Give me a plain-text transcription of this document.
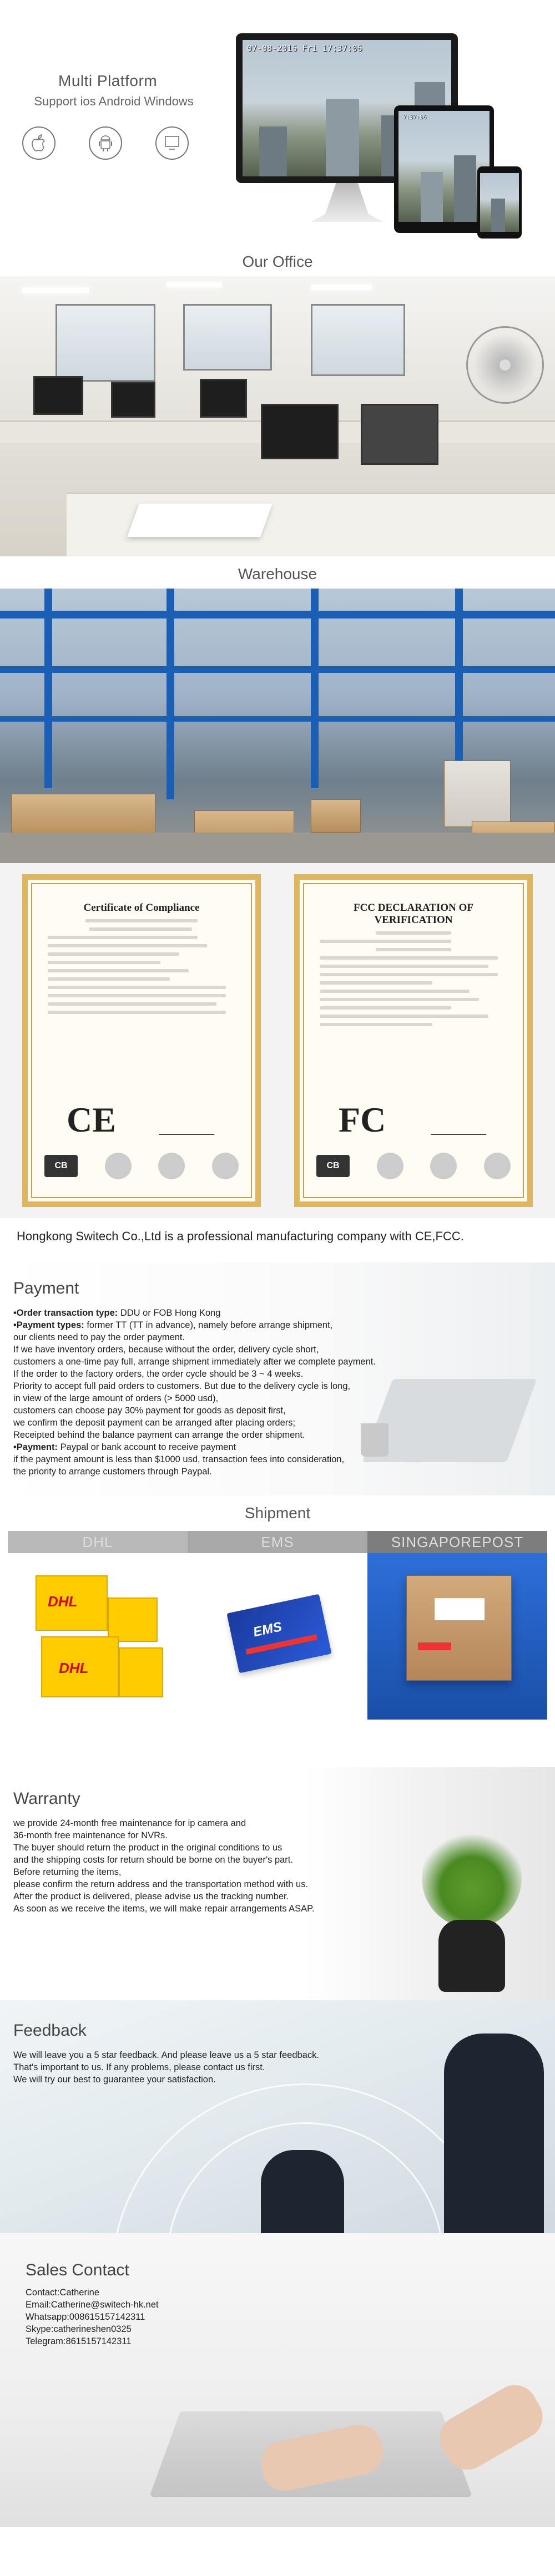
Multi Platform
Support ios Android Windows
07-08-2016 Fri 17:37:06
7:37:06
Our Office
Warehouse
Certificate of Compliance
CE
CB
FCC DECLARATION OF VERIFICATION
FC
CB
Hongkong Switech Co.,Ltd is a professional manufacturing company with CE,FCC.
Payment

•Order transaction type: DDU or FOB Hong Kong

•Payment types: former TT (TT in advance), namely before arrange shipment,

our clients need to pay the order payment.

If we have inventory orders, because without the order, delivery cycle short,

customers a one-time pay full, arrange shipment immediately after we complete payment.

If the order to the factory orders, the order cycle should be 3 ~ 4 weeks.

Priority to accept full paid orders to customers. But due to the delivery cycle is long,

in view of the large amount of orders (> 5000 usd),

customers can choose pay 30% payment for goods as deposit first,

we confirm the deposit payment can be arranged after placing orders;

Receipted behind the balance payment can arrange the order shipment.

•Payment: Paypal or bank account to receive payment

if the payment amount is less than $1000 usd, transaction fees into consideration,

the priority to arrange customers through Paypal.

Shipment
DHL	EMS	SINGAPOREPOST
DHL
DHL
EMS
Warranty

we provide 24-month free maintenance for ip camera and

36-month free maintenance for NVRs.

The buyer should return the product in the original conditions to us

and the shipping costs for return should be borne on the buyer's part.

Before returning the items,

please confirm the return address and the transportation method with us.

After the product is delivered, please advise us the tracking number.

As soon as we receive the items, we will make repair arrangements ASAP.

Feedback

We will leave you a 5 star feedback. And please leave us a 5 star feedback.

That's important to us. If any problems, please contact us first.

We will try our best to guarantee your satisfaction.

Sales Contact

Contact:Catherine

Email:Catherine@switech-hk.net

Whatsapp:008615157142311

Skype:catherineshen0325

Telegram:8615157142311
